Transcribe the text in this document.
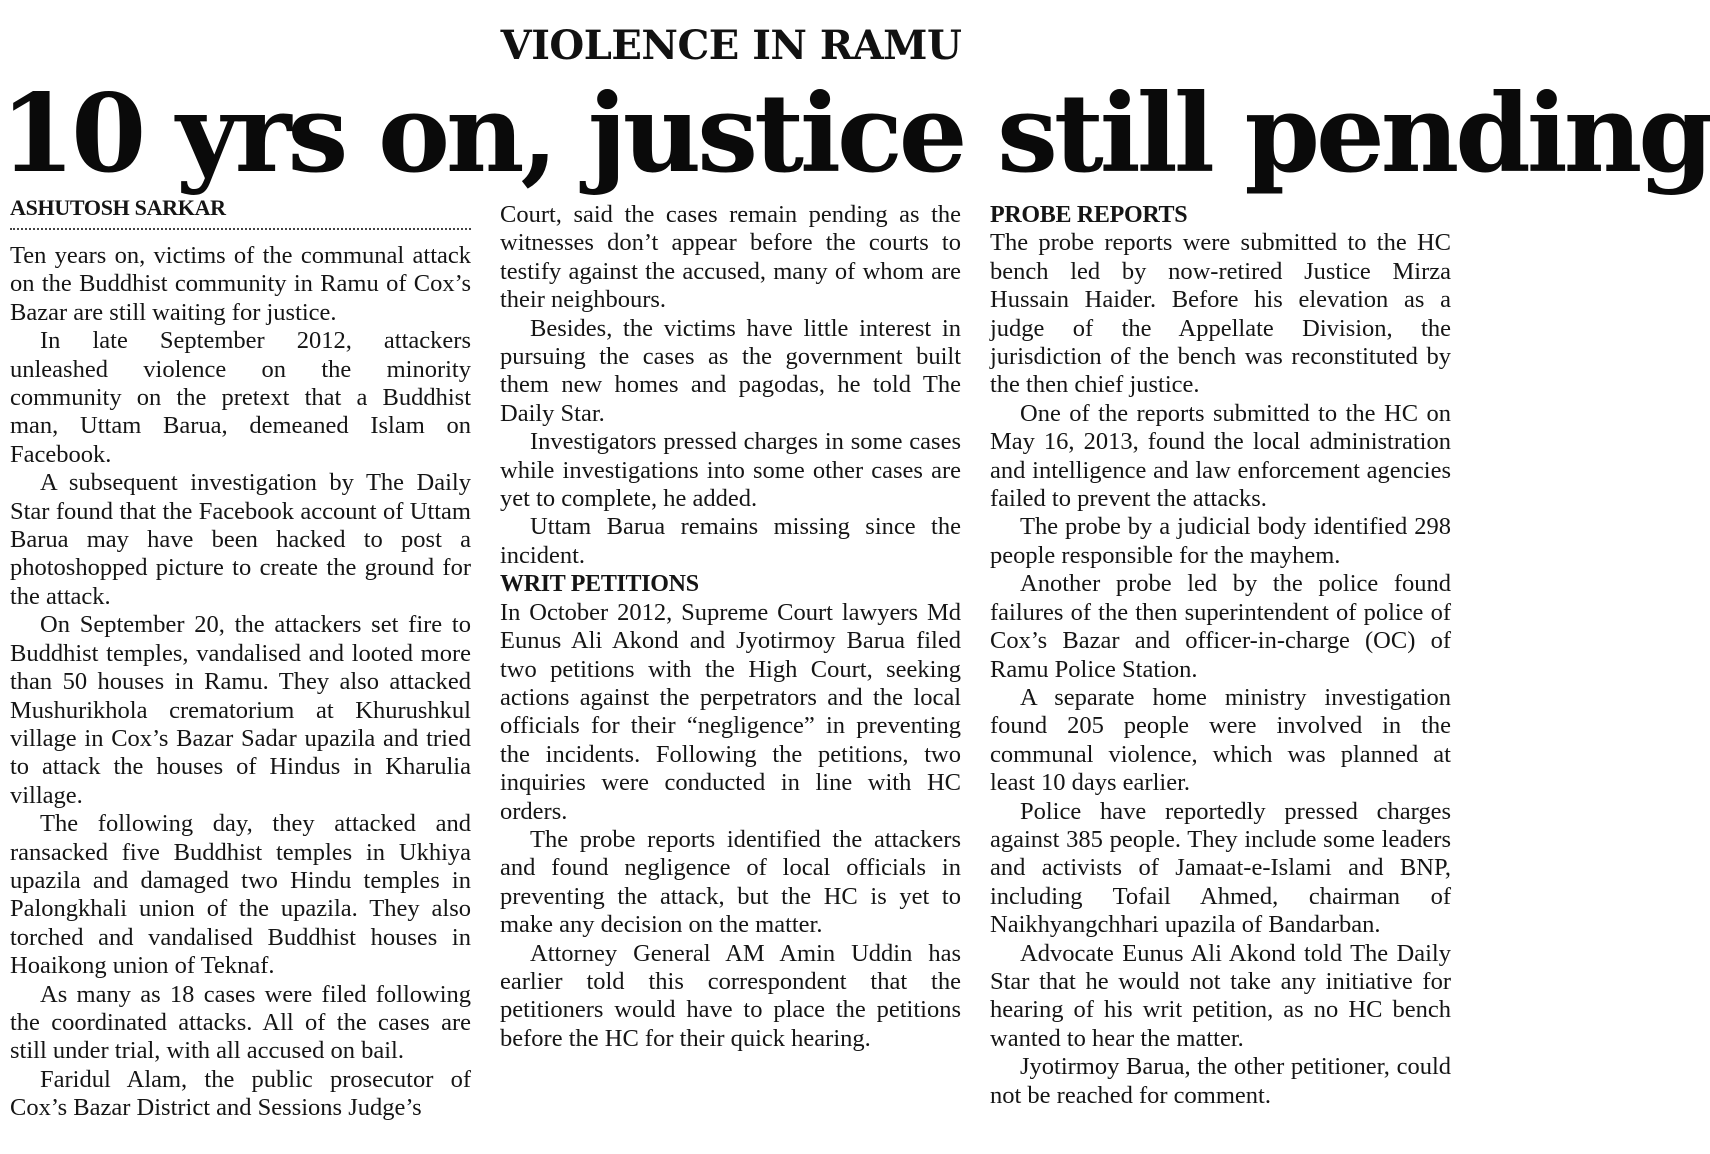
VIOLENCE IN RAMU
10 yrs on, justice still pending
ASHUTOSH SARKAR

Ten years on, victims of the communal attack on the Buddhist community in Ramu of Cox’s Bazar are still waiting for justice.

In late September 2012, attackers unleashed violence on the minority community on the pretext that a Buddhist man, Uttam Barua, demeaned Islam on Facebook.

A subsequent investigation by The Daily Star found that the Facebook account of Uttam Barua may have been hacked to post a photoshopped picture to create the ground for the attack.

On September 20, the attackers set fire to Buddhist temples, vandalised and looted more than 50 houses in Ramu. They also attacked Mushurikhola crematorium at Khurushkul village in Cox’s Bazar Sadar upazila and tried to attack the houses of Hindus in Kharulia village.

The following day, they attacked and ransacked five Buddhist temples in Ukhiya upazila and damaged two Hindu temples in Palongkhali union of the upazila. They also torched and vandalised Buddhist houses in Hoaikong union of Teknaf.

As many as 18 cases were filed following the coordinated attacks. All of the cases are still under trial, with all accused on bail.

Faridul Alam, the public prosecutor of Cox’s Bazar District and Sessions Judge’s

Court, said the cases remain pending as the witnesses don’t appear before the courts to testify against the accused, many of whom are their neighbours.

Besides, the victims have little interest in pursuing the cases as the government built them new homes and pagodas, he told The Daily Star.

Investigators pressed charges in some cases while investigations into some other cases are yet to complete, he added.

Uttam Barua remains missing since the incident.

WRIT PETITIONS

In October 2012, Supreme Court lawyers Md Eunus Ali Akond and Jyotirmoy Barua filed two petitions with the High Court, seeking actions against the perpetrators and the local officials for their “negligence” in preventing the incidents. Following the petitions, two inquiries were conducted in line with HC orders.

The probe reports identified the attackers and found negligence of local officials in preventing the attack, but the HC is yet to make any decision on the matter.

Attorney General AM Amin Uddin has earlier told this correspondent that the petitioners would have to place the petitions before the HC for their quick hearing.

PROBE REPORTS

The probe reports were submitted to the HC bench led by now-retired Justice Mirza Hussain Haider. Before his elevation as a judge of the Appellate Division, the jurisdiction of the bench was reconstituted by the then chief justice.

One of the reports submitted to the HC on May 16, 2013, found the local administration and intelligence and law enforcement agencies failed to prevent the attacks.

The probe by a judicial body identified 298 people responsible for the mayhem.

Another probe led by the police found failures of the then superintendent of police of Cox’s Bazar and officer-in-charge (OC) of Ramu Police Station.

A separate home ministry investigation found 205 people were involved in the communal violence, which was planned at least 10 days earlier.

Police have reportedly pressed charges against 385 people. They include some leaders and activists of Jamaat-e-Islami and BNP, including Tofail Ahmed, chairman of Naikhyangchhari upazila of Bandarban.

Advocate Eunus Ali Akond told The Daily Star that he would not take any initiative for hearing of his writ petition, as no HC bench wanted to hear the matter.

Jyotirmoy Barua, the other petitioner, could not be reached for comment.
